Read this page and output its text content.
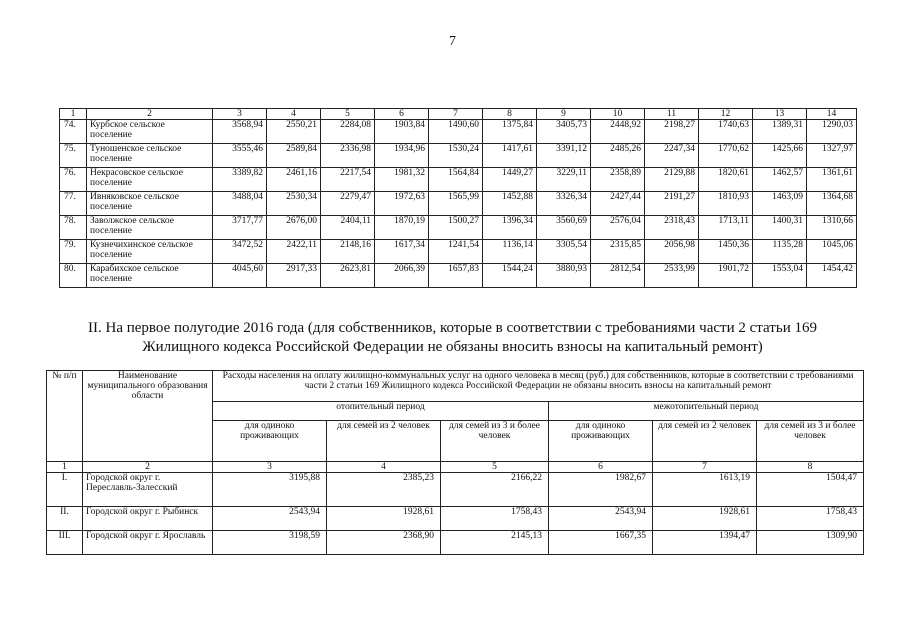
7
1	2	3	4	5	6	7	8	9	10	11	12	13	14
74.	Курбское сельское поселение	3568,94	2550,21	2284,08	1903,84	1490,60	1375,84	3405,73	2448,92	2198,27	1740,63	1389,31	1290,03
75.	Туношенское сельское поселение	3555,46	2589,84	2336,98	1934,96	1530,24	1417,61	3391,12	2485,26	2247,34	1770,62	1425,66	1327,97
76.	Некрасовское сельское поселение	3389,82	2461,16	2217,54	1981,32	1564,84	1449,27	3229,11	2358,89	2129,88	1820,61	1462,57	1361,61
77.	Ивняковское сельское поселение	3488,04	2530,34	2279,47	1972,63	1565,99	1452,88	3326,34	2427,44	2191,27	1810,93	1463,09	1364,68
78.	Заволжское сельское поселение	3717,77	2676,00	2404,11	1870,19	1500,27	1396,34	3560,69	2576,04	2318,43	1713,11	1400,31	1310,66
79.	Кузнечихинское сельское поселение	3472,52	2422,11	2148,16	1617,34	1241,54	1136,14	3305,54	2315,85	2056,98	1450,36	1135,28	1045,06
80.	Карабихское сельское поселение	4045,60	2917,33	2623,81	2066,39	1657,83	1544,24	3880,93	2812,54	2533,99	1901,72	1553,04	1454,42
II. На первое полугодие 2016 года (для собственников, которые в соответствии с требованиями части 2 статьи 169 Жилищного кодекса Российской Федерации не обязаны вносить взносы на капитальный ремонт)
№ п/п	Наименование муниципального образования области	Расходы населения на оплату жилищно-коммунальных услуг на одного человека в месяц (руб.) для собственников, которые в соответствии с требованиями части 2 статьи 169 Жилищного кодекса Российской Федерации не обязаны вносить взносы на капитальный ремонт					
		отопительный период			межотопительный период		
		для одиноко проживающих	для семей из 2 человек	для семей из 3 и более человек	для одиноко проживающих	для семей из 2 человек	для семей из 3 и более человек
1	2	3	4	5	6	7	8
I.	Городской округ г. Переславль-Залесский	3195,88	2385,23	2166,22	1982,67	1613,19	1504,47
II.	Городской округ г. Рыбинск	2543,94	1928,61	1758,43	2543,94	1928,61	1758,43
III.	Городской округ г. Ярославль	3198,59	2368,90	2145,13	1667,35	1394,47	1309,90
